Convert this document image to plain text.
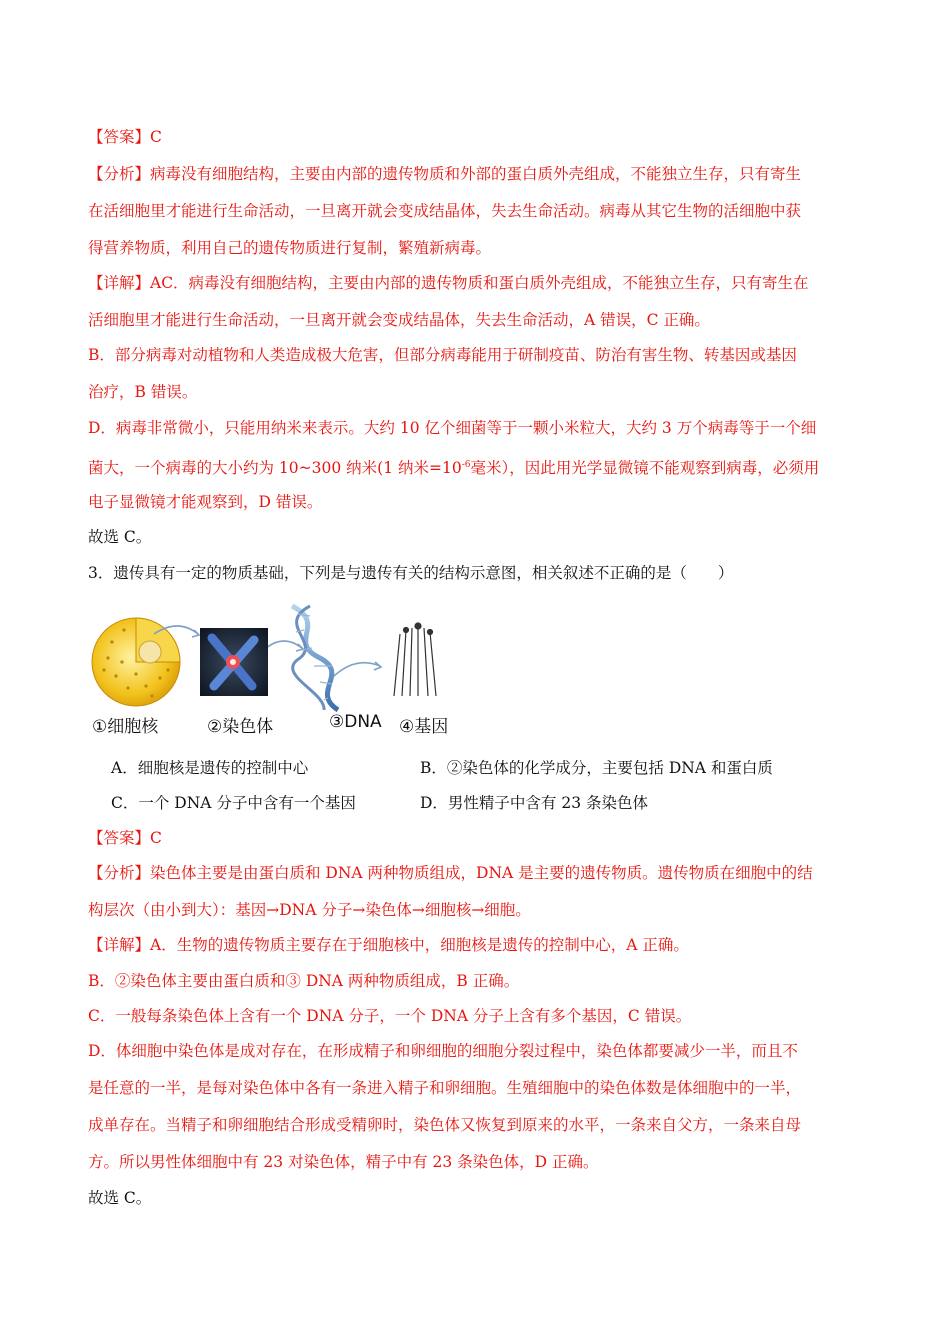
【答案】C
【分析】病毒没有细胞结构，主要由内部的遗传物质和外部的蛋白质外壳组成，不能独立生存，只有寄生
在活细胞里才能进行生命活动，一旦离开就会变成结晶体，失去生命活动。病毒从其它生物的活细胞中获
得营养物质，利用自己的遗传物质进行复制，繁殖新病毒。
【详解】AC．病毒没有细胞结构，主要由内部的遗传物质和蛋白质外壳组成，不能独立生存，只有寄生在
活细胞里才能进行生命活动，一旦离开就会变成结晶体，失去生命活动，A 错误，C 正确。
B．部分病毒对动植物和人类造成极大危害，但部分病毒能用于研制疫苗、防治有害生物、转基因或基因
治疗，B 错误。
D．病毒非常微小，只能用纳米来表示。大约 10 亿个细菌等于一颗小米粒大，大约 3 万个病毒等于一个细
菌大，一个病毒的大小约为 10~300 纳米(1 纳米$=10^{-6}$毫米），因此用光学显微镜不能观察到病毒，必须用
电子显微镜才能观察到，D 错误。
故选 C。
3．遗传具有一定的物质基础，下列是与遗传有关的结构示意图，相关叙述不正确的是（　　）
①细胞核	②染色体	③DNA ④基因
A．细胞核是遗传的控制中心	B．②染色体的化学成分，主要包括 DNA 和蛋白质
C．一个 DNA 分子中含有一个基因	D．男性精子中含有 23 条染色体
【答案】C
【分析】染色体主要是由蛋白质和 DNA 两种物质组成，DNA 是主要的遗传物质。遗传物质在细胞中的结
构层次（由小到大）：基因→DNA 分子→染色体→细胞核→细胞。
【详解】A．生物的遗传物质主要存在于细胞核中，细胞核是遗传的控制中心，A 正确。
B．②染色体主要由蛋白质和③ DNA 两种物质组成，B 正确。
C．一般每条染色体上含有一个 DNA 分子，一个 DNA 分子上含有多个基因，C 错误。
D．体细胞中染色体是成对存在，在形成精子和卵细胞的细胞分裂过程中，染色体都要减少一半，而且不
是任意的一半，是每对染色体中各有一条进入精子和卵细胞。生殖细胞中的染色体数是体细胞中的一半，
成单存在。当精子和卵细胞结合形成受精卵时，染色体又恢复到原来的水平，一条来自父方，一条来自母
方。所以男性体细胞中有 23 对染色体，精子中有 23 条染色体，D 正确。
故选 C。
